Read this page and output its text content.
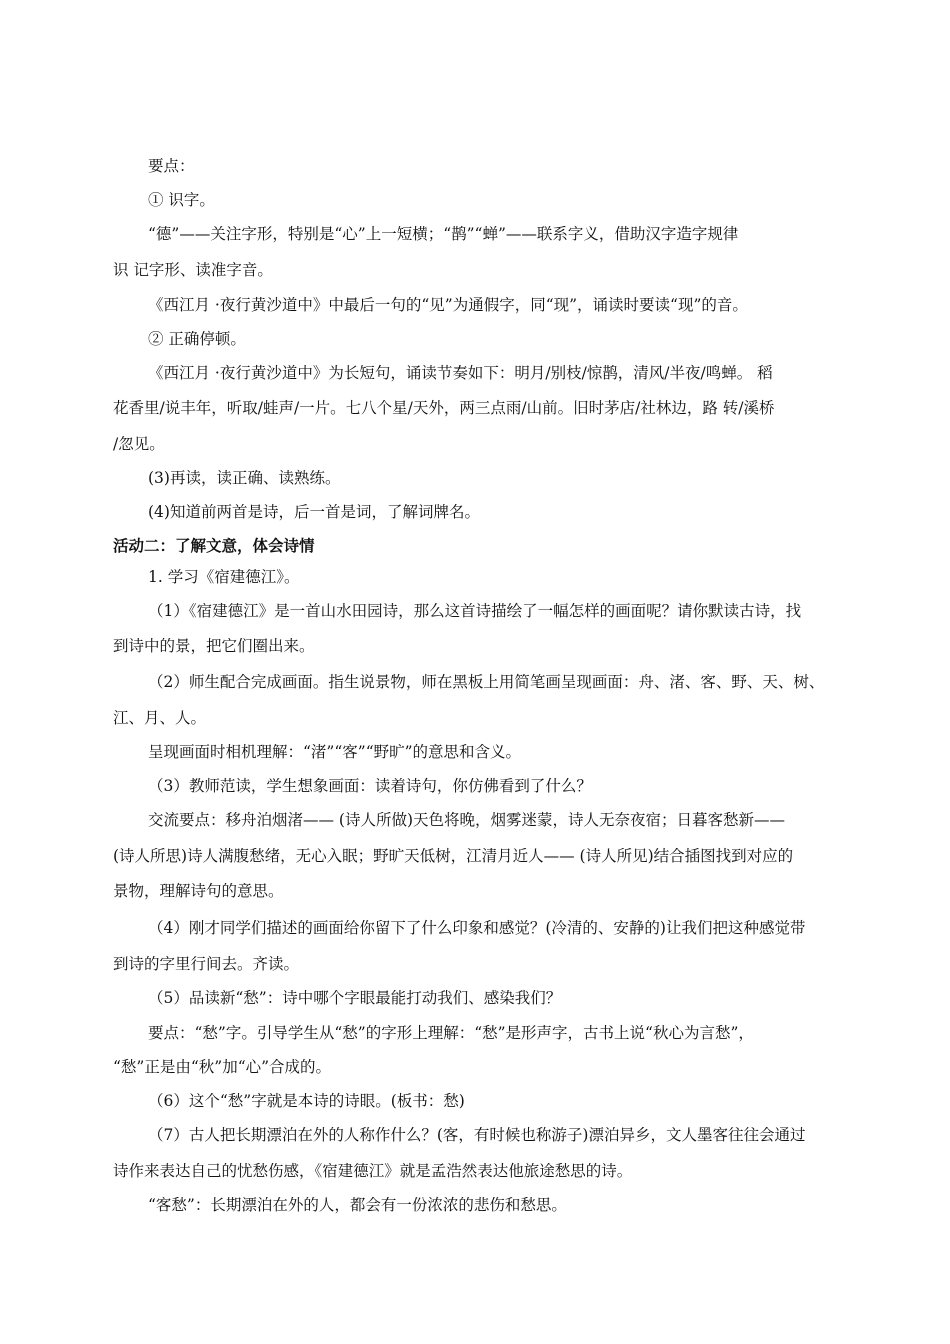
要点：
① 识字。
“德”——关注字形，特别是“心”上一短横；“鹊”“蝉”——联系字义，借助汉字造字规律
识 记字形、读准字音。
《西江月 ·夜行黄沙道中》中最后一句的“见”为通假字，同“现”，诵读时要读“现”的音。
② 正确停顿。
《西江月 ·夜行黄沙道中》为长短句，诵读节奏如下：明月/别枝/惊鹊，清风/半夜/鸣蝉。 稻
花香里/说丰年，听取/蛙声/一片。七八个星/天外，两三点雨/山前。旧时茅店/社林边，路 转/溪桥
/忽见。
(3)再读，读正确、读熟练。
(4)知道前两首是诗，后一首是词，了解词牌名。
活动二：了解文意，体会诗情
1. 学习《宿建德江》。
（1）《宿建德江》是一首山水田园诗，那么这首诗描绘了一幅怎样的画面呢？请你默读古诗，找
到诗中的景，把它们圈出来。
（2）师生配合完成画面。指生说景物，师在黑板上用简笔画呈现画面：舟、渚、客、野、天、树、
江、月、人。
呈现画面时相机理解：“渚”“客”“野旷”的意思和含义。
（3）教师范读，学生想象画面：读着诗句，你仿佛看到了什么？
交流要点：移舟泊烟渚—— (诗人所做)天色将晚，烟雾迷蒙，诗人无奈夜宿；日暮客愁新——
(诗人所思)诗人满腹愁绪，无心入眠；野旷天低树，江清月近人—— (诗人所见)结合插图找到对应的
景物，理解诗句的意思。
（4）刚才同学们描述的画面给你留下了什么印象和感觉？(冷清的、安静的)让我们把这种感觉带
到诗的字里行间去。齐读。
（5）品读新“愁”：诗中哪个字眼最能打动我们、感染我们？
要点：“愁”字。引导学生从“愁”的字形上理解：“愁”是形声字，古书上说“秋心为言愁”，
“愁”正是由“秋”加“心”合成的。
（6）这个“愁”字就是本诗的诗眼。(板书：愁)
（7）古人把长期漂泊在外的人称作什么？(客，有时候也称游子)漂泊异乡，文人墨客往往会通过
诗作来表达自己的忧愁伤感，《宿建德江》就是孟浩然表达他旅途愁思的诗。
“客愁”：长期漂泊在外的人，都会有一份浓浓的悲伤和愁思。
